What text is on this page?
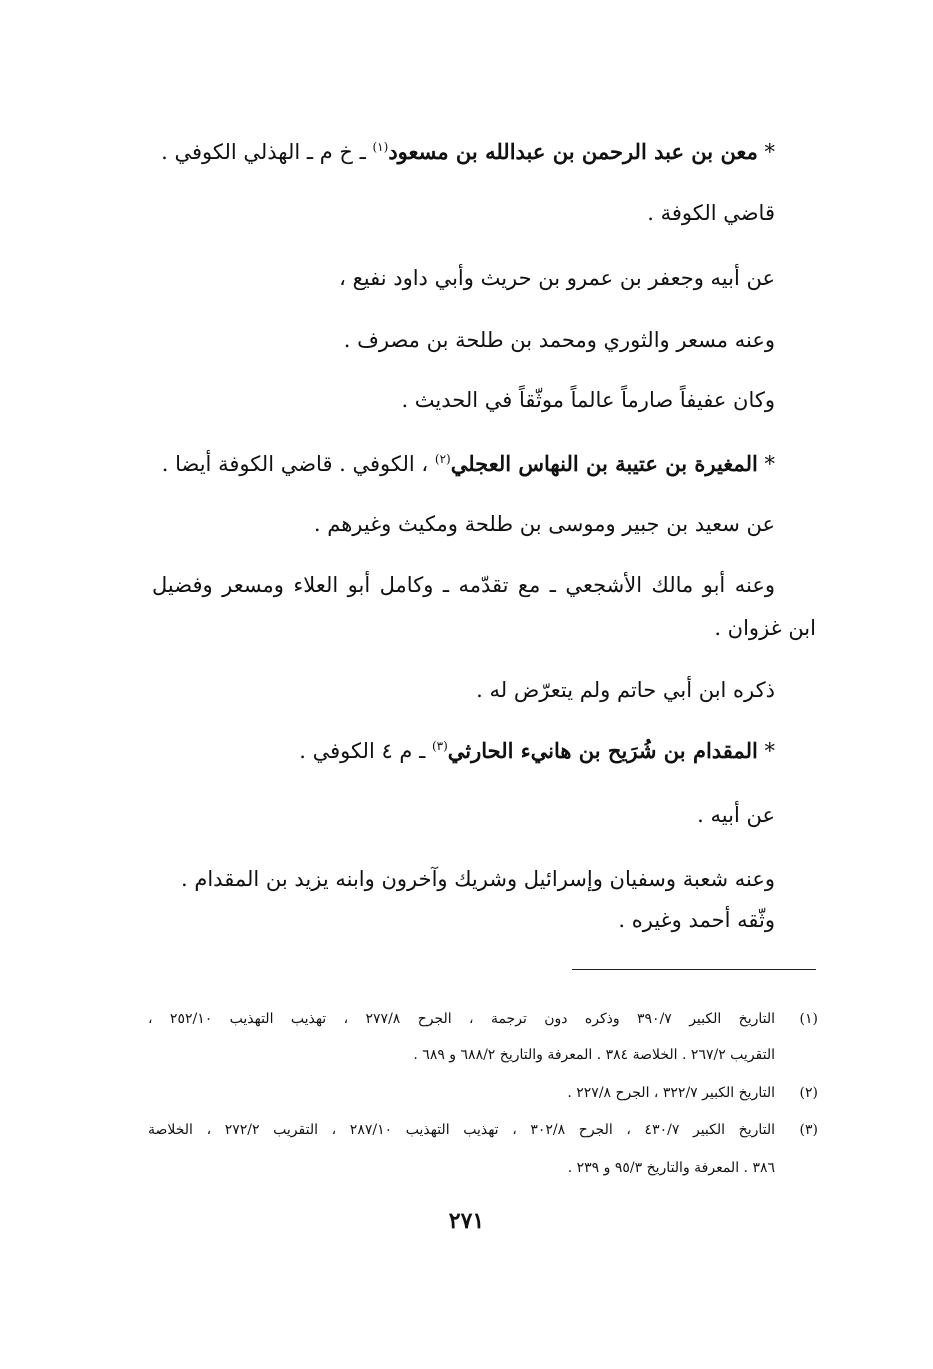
* معن بن عبد الرحمن بن عبدالله بن مسعود$^{(١)}$ ـ خ م ـ الهذلي الكوفي .
قاضي الكوفة .
عن أبيه وجعفر بن عمرو بن حريث وأبي داود نفيع ،
وعنه مسعر والثوري ومحمد بن طلحة بن مصرف .
وكان عفيفاً صارماً عالماً موثّقاً في الحديث .
* المغيرة بن عتيبة بن النهاس العجلي$^{(٢)}$ ، الكوفي . قاضي الكوفة أيضا .
عن سعيد بن جبير وموسى بن طلحة ومكيث وغيرهم .
وعنه أبو مالك الأشجعي ـ مع تقدّمه ـ وكامل أبو العلاء ومسعر وفضيل
ابن غزوان .
ذكره ابن أبي حاتم ولم يتعرّض له .
* المقدام بن شُرَيح بن هانيء الحارثي$^{(٣)}$ ـ م ٤ الكوفي .
عن أبيه .
وعنه شعبة وسفيان وإسرائيل وشريك وآخرون وابنه يزيد بن المقدام .
وثّقه أحمد وغيره .
(١)
التاريخ الكبير ٣٩٠/٧ وذكره دون ترجمة ، الجرح ٢٧٧/٨ ، تهذيب التهذيب ٢٥٢/١٠ ،
التقريب ٢٦٧/٢ . الخلاصة ٣٨٤ . المعرفة والتاريخ ٦٨٨/٢ و ٦٨٩ .
(٢)
التاريخ الكبير ٣٢٢/٧ ، الجرح ٢٢٧/٨ .
(٣)
التاريخ الكبير ٤٣٠/٧ ، الجرح ٣٠٢/٨ ، تهذيب التهذيب ٢٨٧/١٠ ، التقريب ٢٧٢/٢ ، الخلاصة
٣٨٦ . المعرفة والتاريخ ٩٥/٣ و ٢٣٩ .
٢٧١
